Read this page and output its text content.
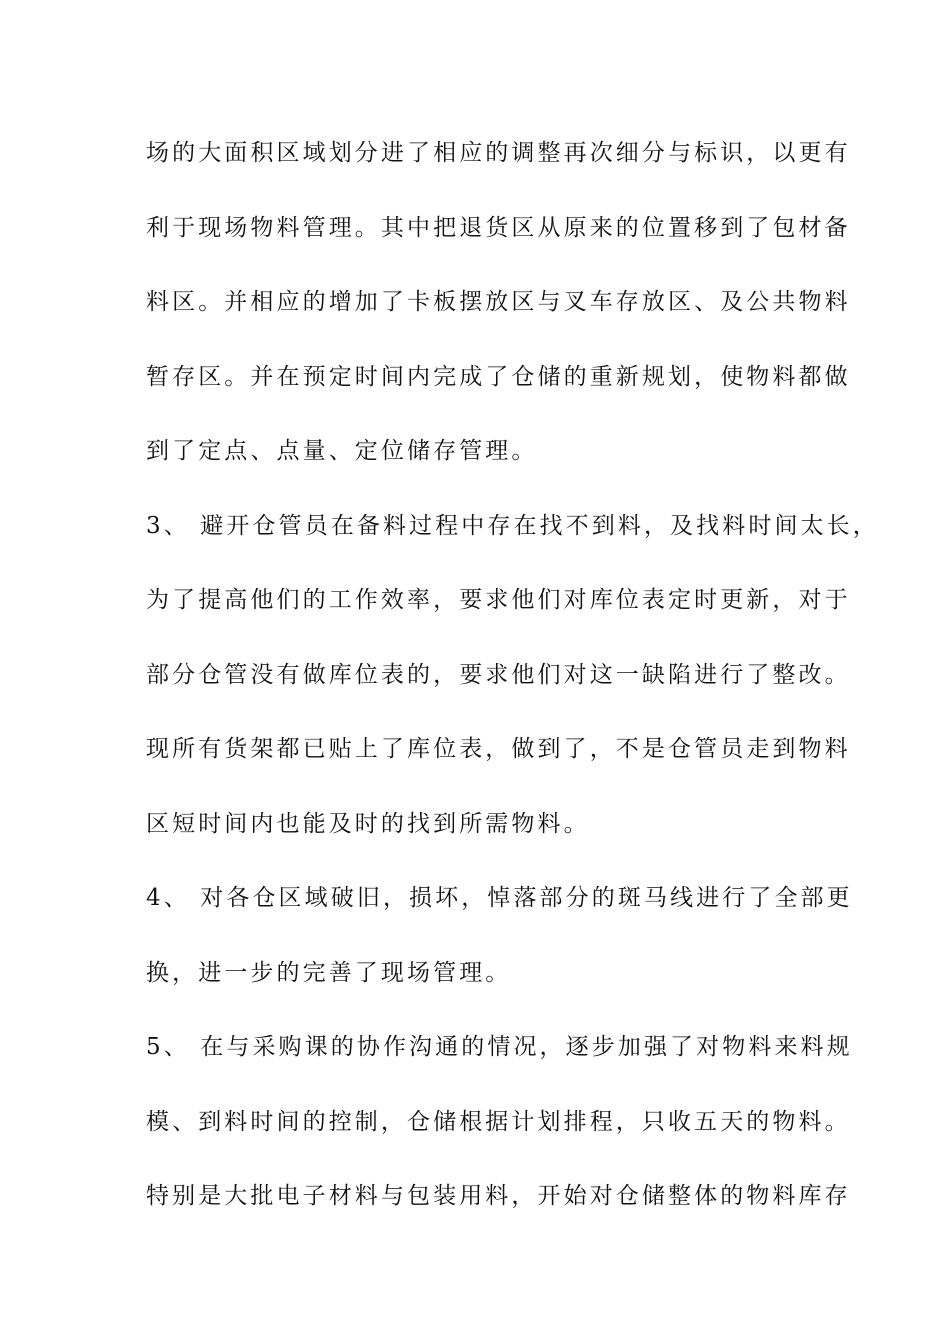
场的大面积区域划分进了相应的调整再次细分与标识，以更有
利于现场物料管理。其中把退货区从原来的位置移到了包材备
料区。并相应的增加了卡板摆放区与叉车存放区、及公共物料
暂存区。并在预定时间内完成了仓储的重新规划，使物料都做
到了定点、点量、定位储存管理。
3、 避开仓管员在备料过程中存在找不到料，及找料时间太长，
为了提高他们的工作效率，要求他们对库位表定时更新，对于
部分仓管没有做库位表的，要求他们对这一缺陷进行了整改。
现所有货架都已贴上了库位表，做到了，不是仓管员走到物料
区短时间内也能及时的找到所需物料。
4、 对各仓区域破旧，损坏，悼落部分的斑马线进行了全部更
换，进一步的完善了现场管理。
5、 在与采购课的协作沟通的情况，逐步加强了对物料来料规
模、到料时间的控制，仓储根据计划排程，只收五天的物料。
特别是大批电子材料与包装用料，开始对仓储整体的物料库存
